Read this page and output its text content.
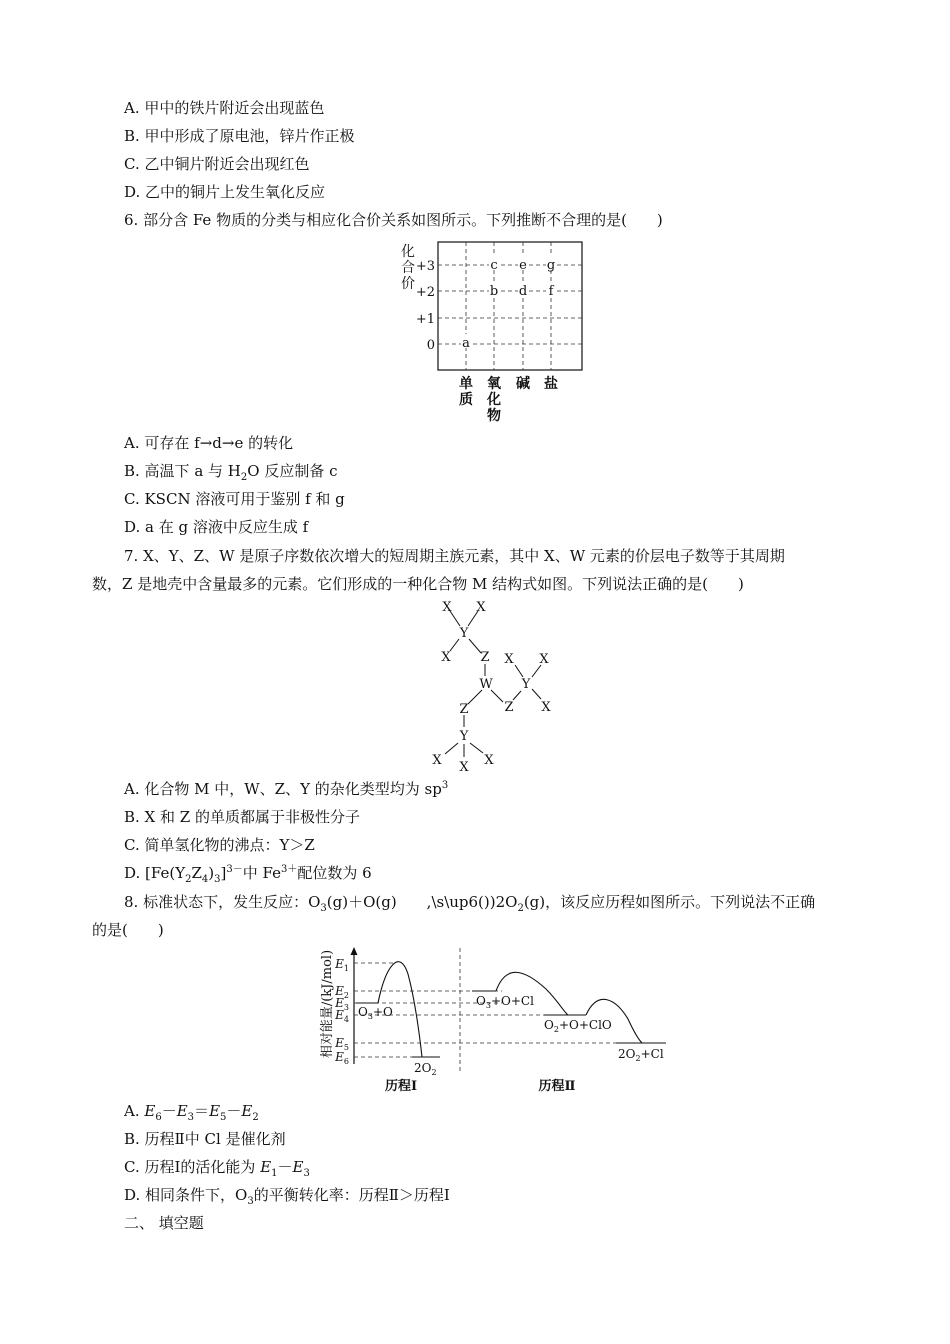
A. 甲中的铁片附近会出现蓝色
B. 甲中形成了原电池，锌片作正极
C. 乙中铜片附近会出现红色
D. 乙中的铜片上发生氧化反应
6. 部分含 Fe 物质的分类与相应化合价关系如图所示。下列推断不合理的是(　　)
化
合
价
+3
+2
+1
0 a
b
c
d
e
f
g
单
质
氧
化
物
碱 盐
A. 可存在 f→d→e 的转化
B. 高温下 a 与 $H_2O$ 反应制备 c
C. KSCN 溶液可用于鉴别 f 和 g
D. a 在 g 溶液中反应生成 f
7. X、Y、Z、W 是原子序数依次增大的短周期主族元素，其中 X、W 元素的价层电子数等于其周期
数，Z 是地壳中含量最多的元素。它们形成的一种化合物 M 结构式如图。下列说法正确的是(　　)
X X
Y
X Z X X
W Y
Z	Z X
Y
X	X
X
A. 化合物 M 中，W、Z、Y 的杂化类型均为 $sp^3$
B. X 和 Z 的单质都属于非极性分子
C. 简单氢化物的沸点：Y＞Z
D. $[Fe(Y_2Z_4)_3]^{3-}$中 $Fe^{3+}$配位数为 6
8. 标准状态下，发生反应：$O_3(g)+O(g)$　　$,\backslash s\backslash up6())2O_2(g)$，该反应历程如图所示。下列说法不正确
的是(　　)
相对能量/(kJ/mol) $E_1$
$E_2$
$E_3$
$E_4$
$E_5$
$E_6$
$O_3+O$
$2O_2$
$O_3+O+Cl$
$O_2+O+ClO$
$2O_2+Cl$
历程Ⅰ	历程Ⅱ
A. $E_6-E_3=E_5-E_2$
B. 历程Ⅱ中 Cl 是催化剂
C. 历程Ⅰ的活化能为 $E_1-E_3$
D. 相同条件下，$O_3$的平衡转化率：历程Ⅱ＞历程Ⅰ
二、 填空题
